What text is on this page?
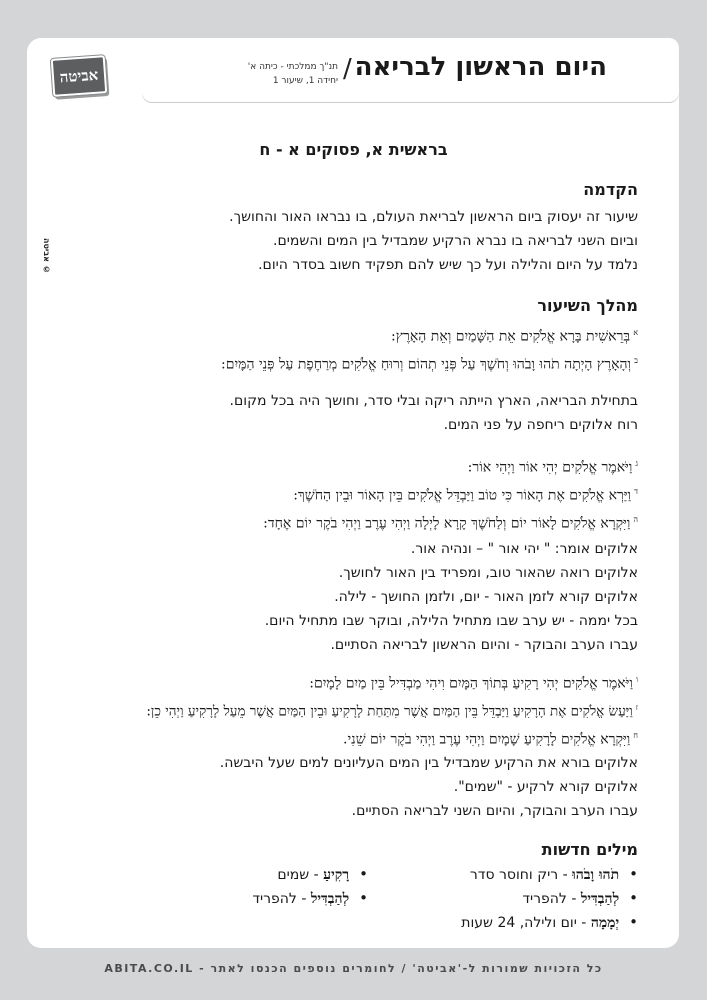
היום הראשון לבריאה
/
תנ"ך ממלכתי - כיתה א'
יחידה 1, שיעור 1
אביטה
© אביטה
בראשית א, פסוקים א - ח
הקדמה
שיעור זה יעסוק ביום הראשון לבריאת העולם, בו נבראו האור והחושך.
וביום השני לבריאה בו נברא הרקיע שמבדיל בין המים והשמים.
נלמד על היום והלילה ועל כך שיש להם תפקיד חשוב בסדר היום.
מהלך השיעור
$^א$בְּרֵאשִׁית בָּרָא אֱלֹקִים אֵת הַשָּׁמַיִם וְאֵת הָאָרֶץ:
$^ב$וְהָאָרֶץ הָיְתָה תֹהוּ וָבֹהוּ וְחֹשֶׁךְ עַל פְּנֵי תְהוֹם וְרוּחַ אֱלֹקִים מְרַחֶפֶת עַל פְּנֵי הַמָּיִם:
בתחילת הבריאה, הארץ הייתה ריקה ובלי סדר, וחושך היה בכל מקום.
רוח אלוקים ריחפה על פני המים.
$^ג$וַיֹּאמֶר אֱלֹקִים יְהִי אוֹר וַיְהִי אוֹר:
$^ד$וַיַּרְא אֱלֹקִים אֶת הָאוֹר כִּי טוֹב וַיַּבְדֵּל אֱלֹקִים בֵּין הָאוֹר וּבֵין הַחֹשֶׁךְ:
$^ה$וַיִּקְרָא אֱלֹקִים לָאוֹר יוֹם וְלַחֹשֶׁךְ קָרָא לָיְלָה וַיְהִי עֶרֶב וַיְהִי בֹקֶר יוֹם אֶחָד:
אלוקים אומר: " יהי אור " – ונהיה אור.
אלוקים רואה שהאור טוב, ומפריד בין האור לחושך.
אלוקים קורא לזמן האור - יום, ולזמן החושך - לילה.
בכל יממה - יש ערב שבו מתחיל הלילה, ובוקר שבו מתחיל היום.
עברו הערב והבוקר - והיום הראשון לבריאה הסתיים.
$^ו$וַיֹּאמֶר אֱלֹקִים יְהִי רָקִיעַ בְּתוֹךְ הַמָּיִם וִיהִי מַבְדִּיל בֵּין מַיִם לָמָיִם:
$^ז$וַיַּעַשׂ אֱלֹקִים אֶת הָרָקִיעַ וַיַּבְדֵּל בֵּין הַמַּיִם אֲשֶׁר מִתַּחַת לָרָקִיעַ וּבֵין הַמַּיִם אֲשֶׁר מֵעַל לָרָקִיעַ וַיְהִי כֵן:
$^ח$וַיִּקְרָא אֱלֹקִים לָרָקִיעַ שָׁמָיִם וַיְהִי עֶרֶב וַיְהִי בֹקֶר יוֹם שֵׁנִי.
אלוקים בורא את הרקיע שמבדיל בין המים העליונים למים שעל היבשה.
אלוקים קורא לרקיע - "שמים".
עברו הערב והבוקר, והיום השני לבריאה הסתיים.
מילים חדשות
• תֹהוּ וָבֹהוּ - ריק וחוסר סדר
• לְהַבְדִּיל - להפריד
• יְמָמָה - יום ולילה, 24 שעות
• רָקִיעַ - שמים
• לְהַבְדִּיל - להפריד
כל הזכויות שמורות ל-'אביטה' / לחומרים נוספים הכנסו לאתר - ABITA.CO.IL
